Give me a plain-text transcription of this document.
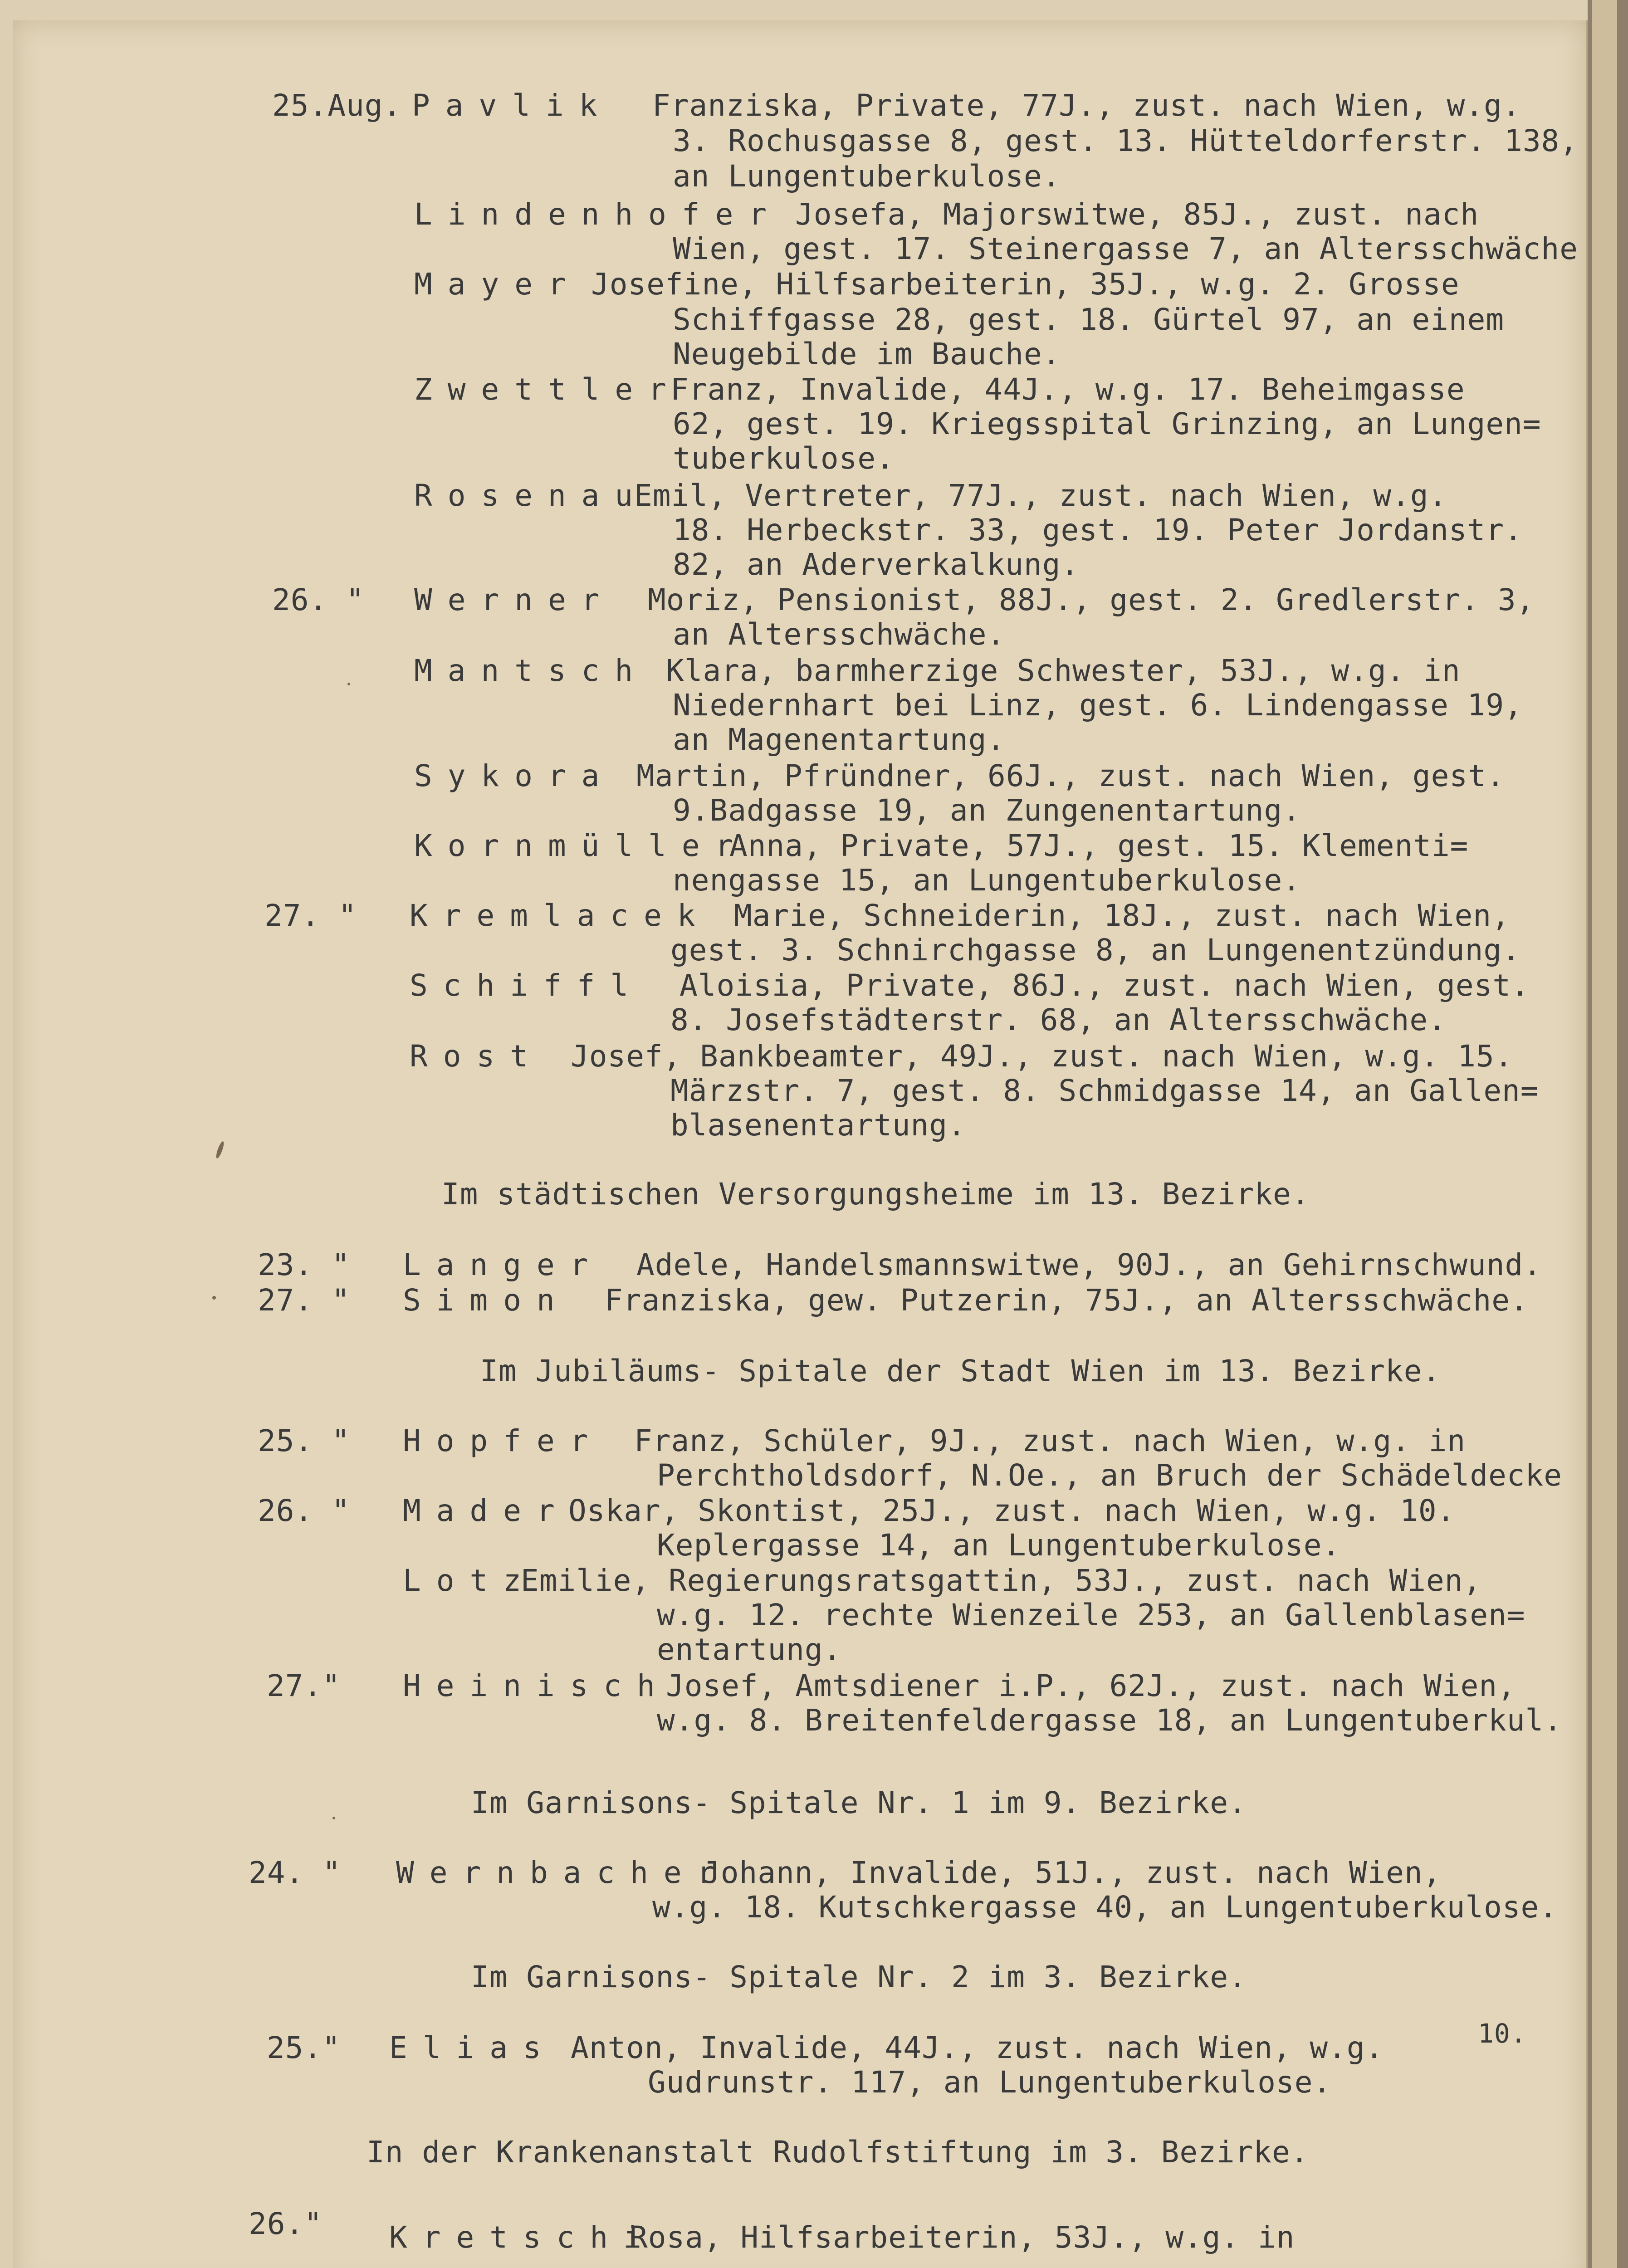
25.Aug. Pavlik Franziska, Private, 77J., zust. nach Wien, w.g.
3. Rochusgasse 8, gest. 13. Hütteldorferstr. 138,
an Lungentuberkulose.
Lindenhofer Josefa, Majorswitwe, 85J., zust. nach
Wien, gest. 17. Steinergasse 7, an Altersschwäche
Mayer Josefine, Hilfsarbeiterin, 35J., w.g. 2. Grosse
Schiffgasse 28, gest. 18. Gürtel 97, an einem
Neugebilde im Bauche.
Zwettler
Franz, Invalide, 44J., w.g. 17. Beheimgasse
62, gest. 19. Kriegsspital Grinzing, an Lungen=
tuberkulose.
Rosenau
Emil, Vertreter, 77J., zust. nach Wien, w.g.
18. Herbeckstr. 33, gest. 19. Peter Jordanstr.
82, an Aderverkalkung.
26. " Werner Moriz, Pensionist, 88J., gest. 2. Gredlerstr. 3,
an Altersschwäche.
Mantsch Klara, barmherzige Schwester, 53J., w.g. in
Niedernhart bei Linz, gest. 6. Lindengasse 19,
an Magenentartung.
Sykora Martin, Pfründner, 66J., zust. nach Wien, gest.
9.Badgasse 19, an Zungenentartung.
Kornmüller
Anna, Private, 57J., gest. 15. Klementi=
nengasse 15, an Lungentuberkulose.
27. " Kremlacek Marie, Schneiderin, 18J., zust. nach Wien,
gest. 3. Schnirchgasse 8, an Lungenentzündung.
Schiffl Aloisia, Private, 86J., zust. nach Wien, gest.
8. Josefstädterstr. 68, an Altersschwäche.
Rost Josef, Bankbeamter, 49J., zust. nach Wien, w.g. 15.
Märzstr. 7, gest. 8. Schmidgasse 14, an Gallen=
blasenentartung.
Im städtischen Versorgungsheime im 13. Bezirke.
23. " Langer Adele, Handelsmannswitwe, 90J., an Gehirnschwund.
27. " Simon Franziska, gew. Putzerin, 75J., an Altersschwäche.
Im Jubiläums- Spitale der Stadt Wien im 13. Bezirke.
25. " Hopfer Franz, Schüler, 9J., zust. nach Wien, w.g. in
Perchtholdsdorf, N.Oe., an Bruch der Schädeldecke
26. " Mader
Oskar, Skontist, 25J., zust. nach Wien, w.g. 10.
Keplergasse 14, an Lungentuberkulose.
Lotz
Emilie, Regierungsratsgattin, 53J., zust. nach Wien,
w.g. 12. rechte Wienzeile 253, an Gallenblasen=
entartung.
27." Heinisch
Josef, Amtsdiener i.P., 62J., zust. nach Wien,
w.g. 8. Breitenfeldergasse 18, an Lungentuberkul.
Im Garnisons- Spitale Nr. 1 im 9. Bezirke.
24. " Wernbacher
Johann, Invalide, 51J., zust. nach Wien,
w.g. 18. Kutschkergasse 40, an Lungentuberkulose.
Im Garnisons- Spitale Nr. 2 im 3. Bezirke.
25." Elias Anton, Invalide, 44J., zust. nach Wien, w.g.	10.
Gudrunstr. 117, an Lungentuberkulose.
In der Krankenanstalt Rudolfstiftung im 3. Bezirke.
26." Kretschi
Rosa, Hilfsarbeiterin, 53J., w.g. in
